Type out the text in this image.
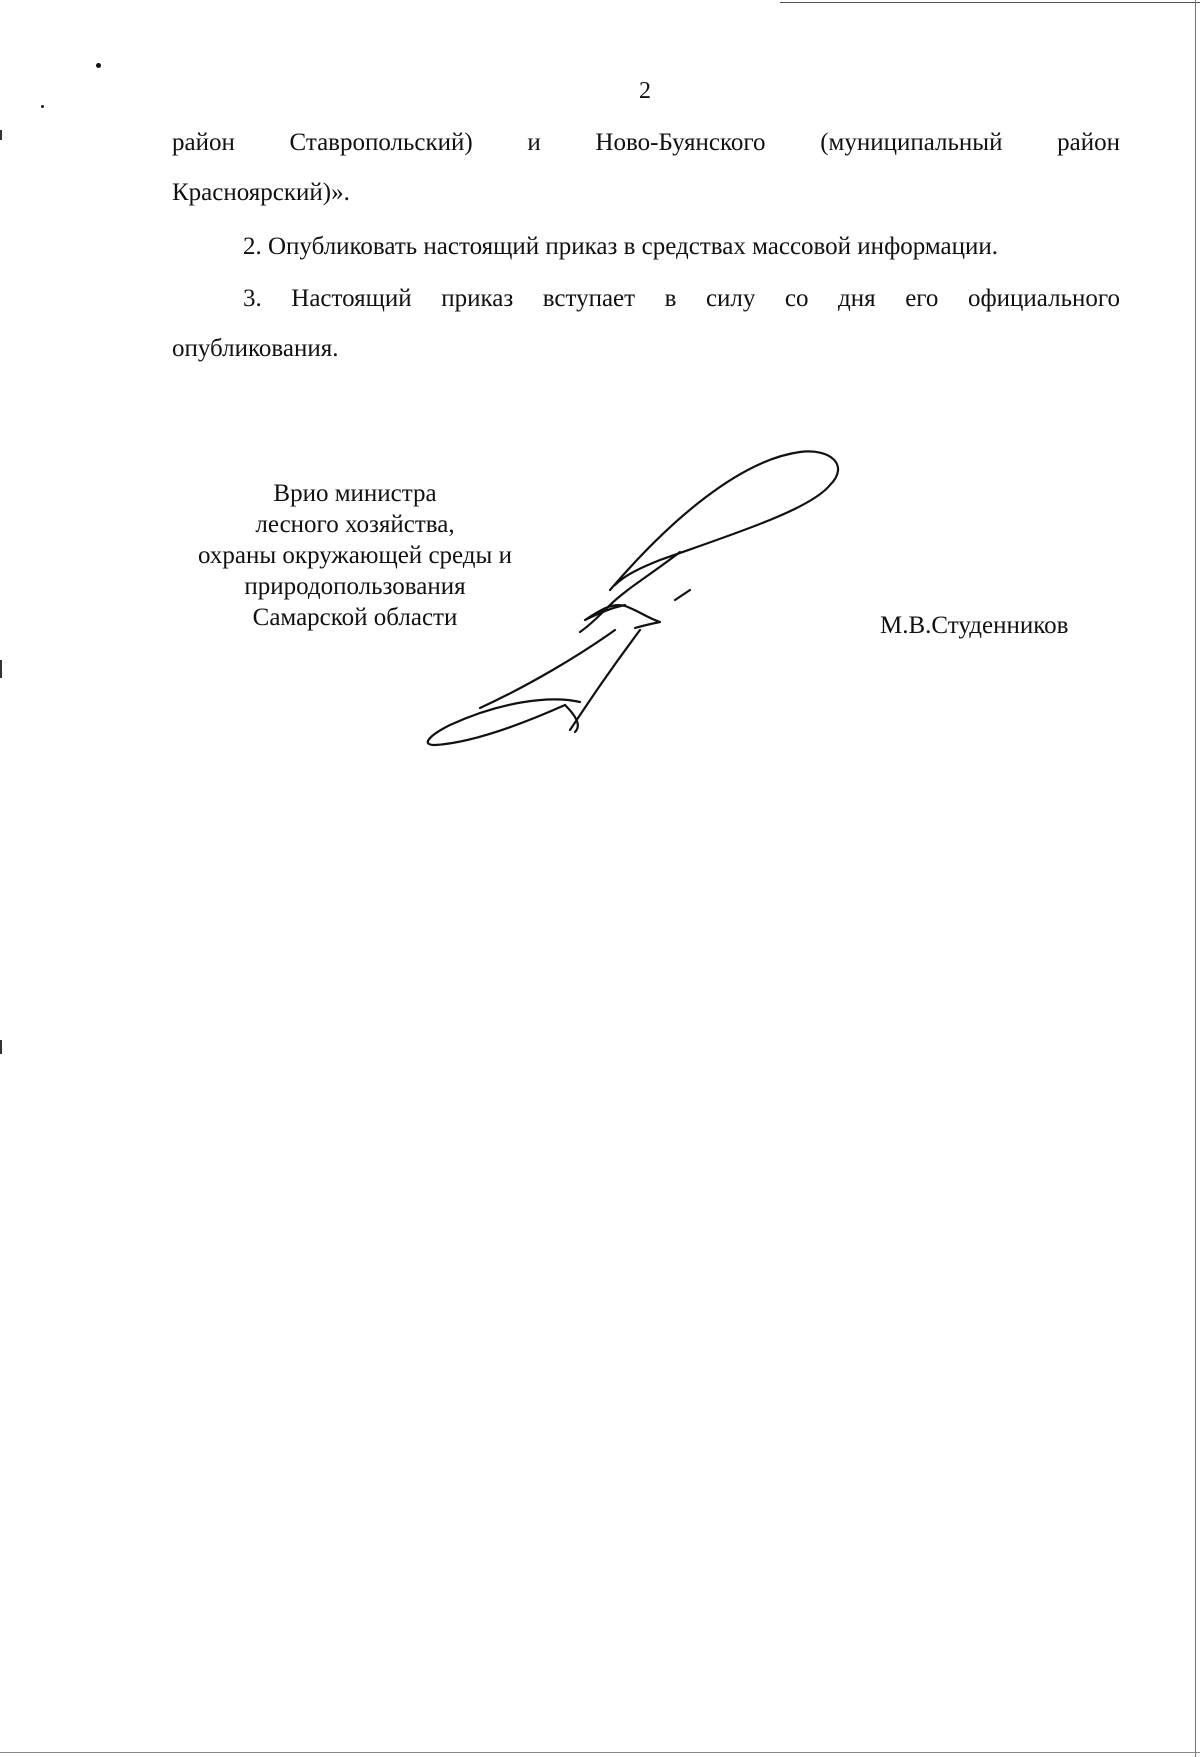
2
район Ставропольский) и Ново-Буянского (муниципальный район
Красноярский)».
2. Опубликовать настоящий приказ в средствах массовой информации.
3. Настоящий приказ вступает в силу со дня его официального
опубликования.
Врио министра
лесного хозяйства,
охраны окружающей среды и
природопользования
Самарской области	М.В.Студенников
